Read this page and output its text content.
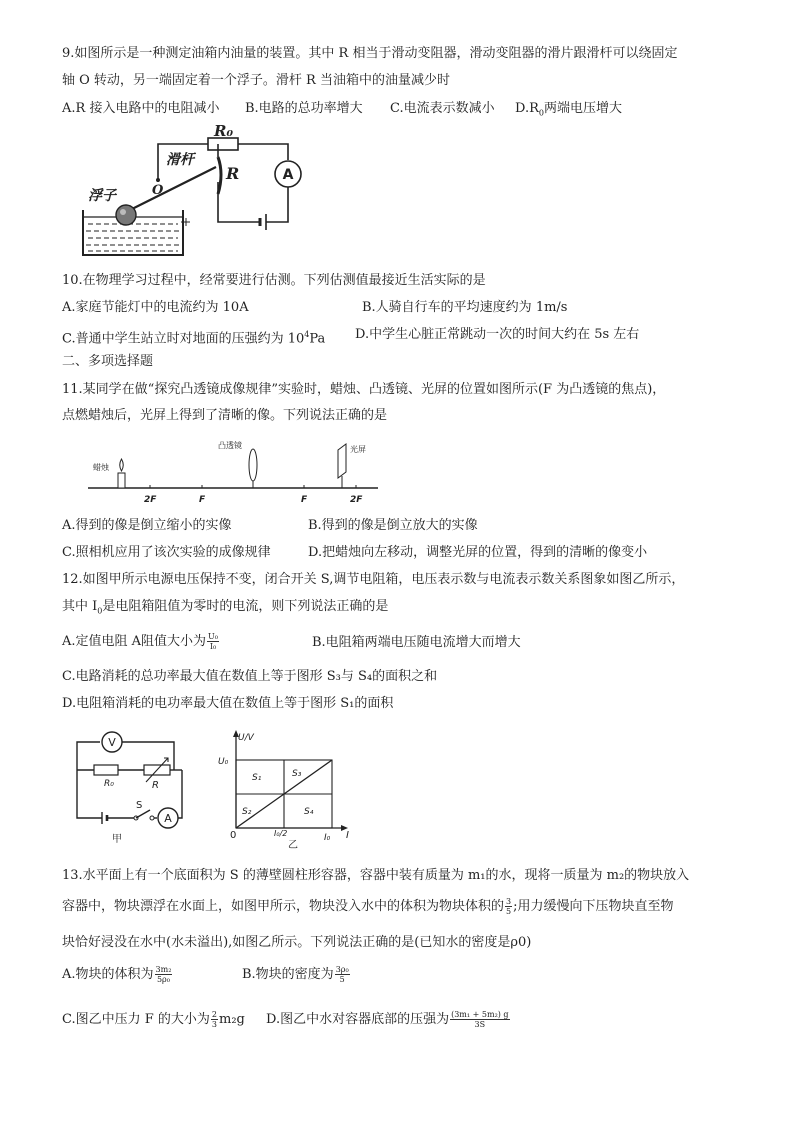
9.如图所示是一种测定油箱内油量的装置。其中 R 相当于滑动变阻器，滑动变阻器的滑片跟滑杆可以绕固定
轴 O 转动，另一端固定着一个浮子。滑杆 R 当油箱中的油量减少时
A.R 接入电路中的电阻减小 B.电路的总功率增大 C.电流表示数减小 $D.R_0$两端电压增大
A
R₀
滑杆
R
O
浮子
10.在物理学习过程中，经常要进行估测。下列估测值最接近生活实际的是
A.家庭节能灯中的电流约为 10A	B.人骑自行车的平均速度约为 1m/s
C.普通中学生站立时对地面的压强约为 $10^4Pa$ D.中学生心脏正常跳动一次的时间大约在 5s 左右
二、多项选择题
11.某同学在做“探究凸透镜成像规律”实验时，蜡烛、凸透镜、光屏的位置如图所示(F 为凸透镜的焦点)，
点燃蜡烛后，光屏上得到了清晰的像。下列说法正确的是
蜡烛
凸透镜	光屏
2F	F	F	2F
A.得到的像是倒立缩小的实像	B.得到的像是倒立放大的实像
C.照相机应用了该次实验的成像规律	D.把蜡烛向左移动，调整光屏的位置，得到的清晰的像变小
12.如图甲所示电源电压保持不变，闭合开关 S,调节电阻箱，电压表示数与电流表示数关系图象如图乙所示，
其中 $I_0$是电阻箱阻值为零时的电流，则下列说法正确的是
A.定值电阻 A阻值大小为 $\frac{\text{U₀}}{\text{I₀}}$	B.电阻箱两端电压随电流增大而增大
C.电路消耗的总功率最大值在数值上等于图形 S₃与 S₄的面积之和
D.电阻箱消耗的电功率最大值在数值上等于图形 S₁的面积
A
V
R₀	R
S
甲
U/V
U₀
S₁	S₃
S₂	S₄
0	I₀/2	I₀ I
乙
13.水平面上有一个底面积为 S 的薄壁圆柱形容器，容器中装有质量为 m₁的水，现将一质量为 m₂的物块放入
容器中，物块漂浮在水面上，如图甲所示，物块没入水中的体积为物块体积的 $\frac{3}{5}$ ;用力缓慢向下压物块直至物
块恰好浸没在水中(水未溢出),如图乙所示。下列说法正确的是(已知水的密度是ρ0)
A.物块的体积为 $\frac{\text{3m₂}}{\text{5ρ₀}}$	B.物块的密度为 $\frac{\text{3ρ₀}}{5}$
C.图乙中压力 F 的大小为 $\frac{2}{3} m_2g$ D.图乙中水对容器底部的压强为 $\frac{\text{(3m₁ + 5m₂) g}}{3S}$
